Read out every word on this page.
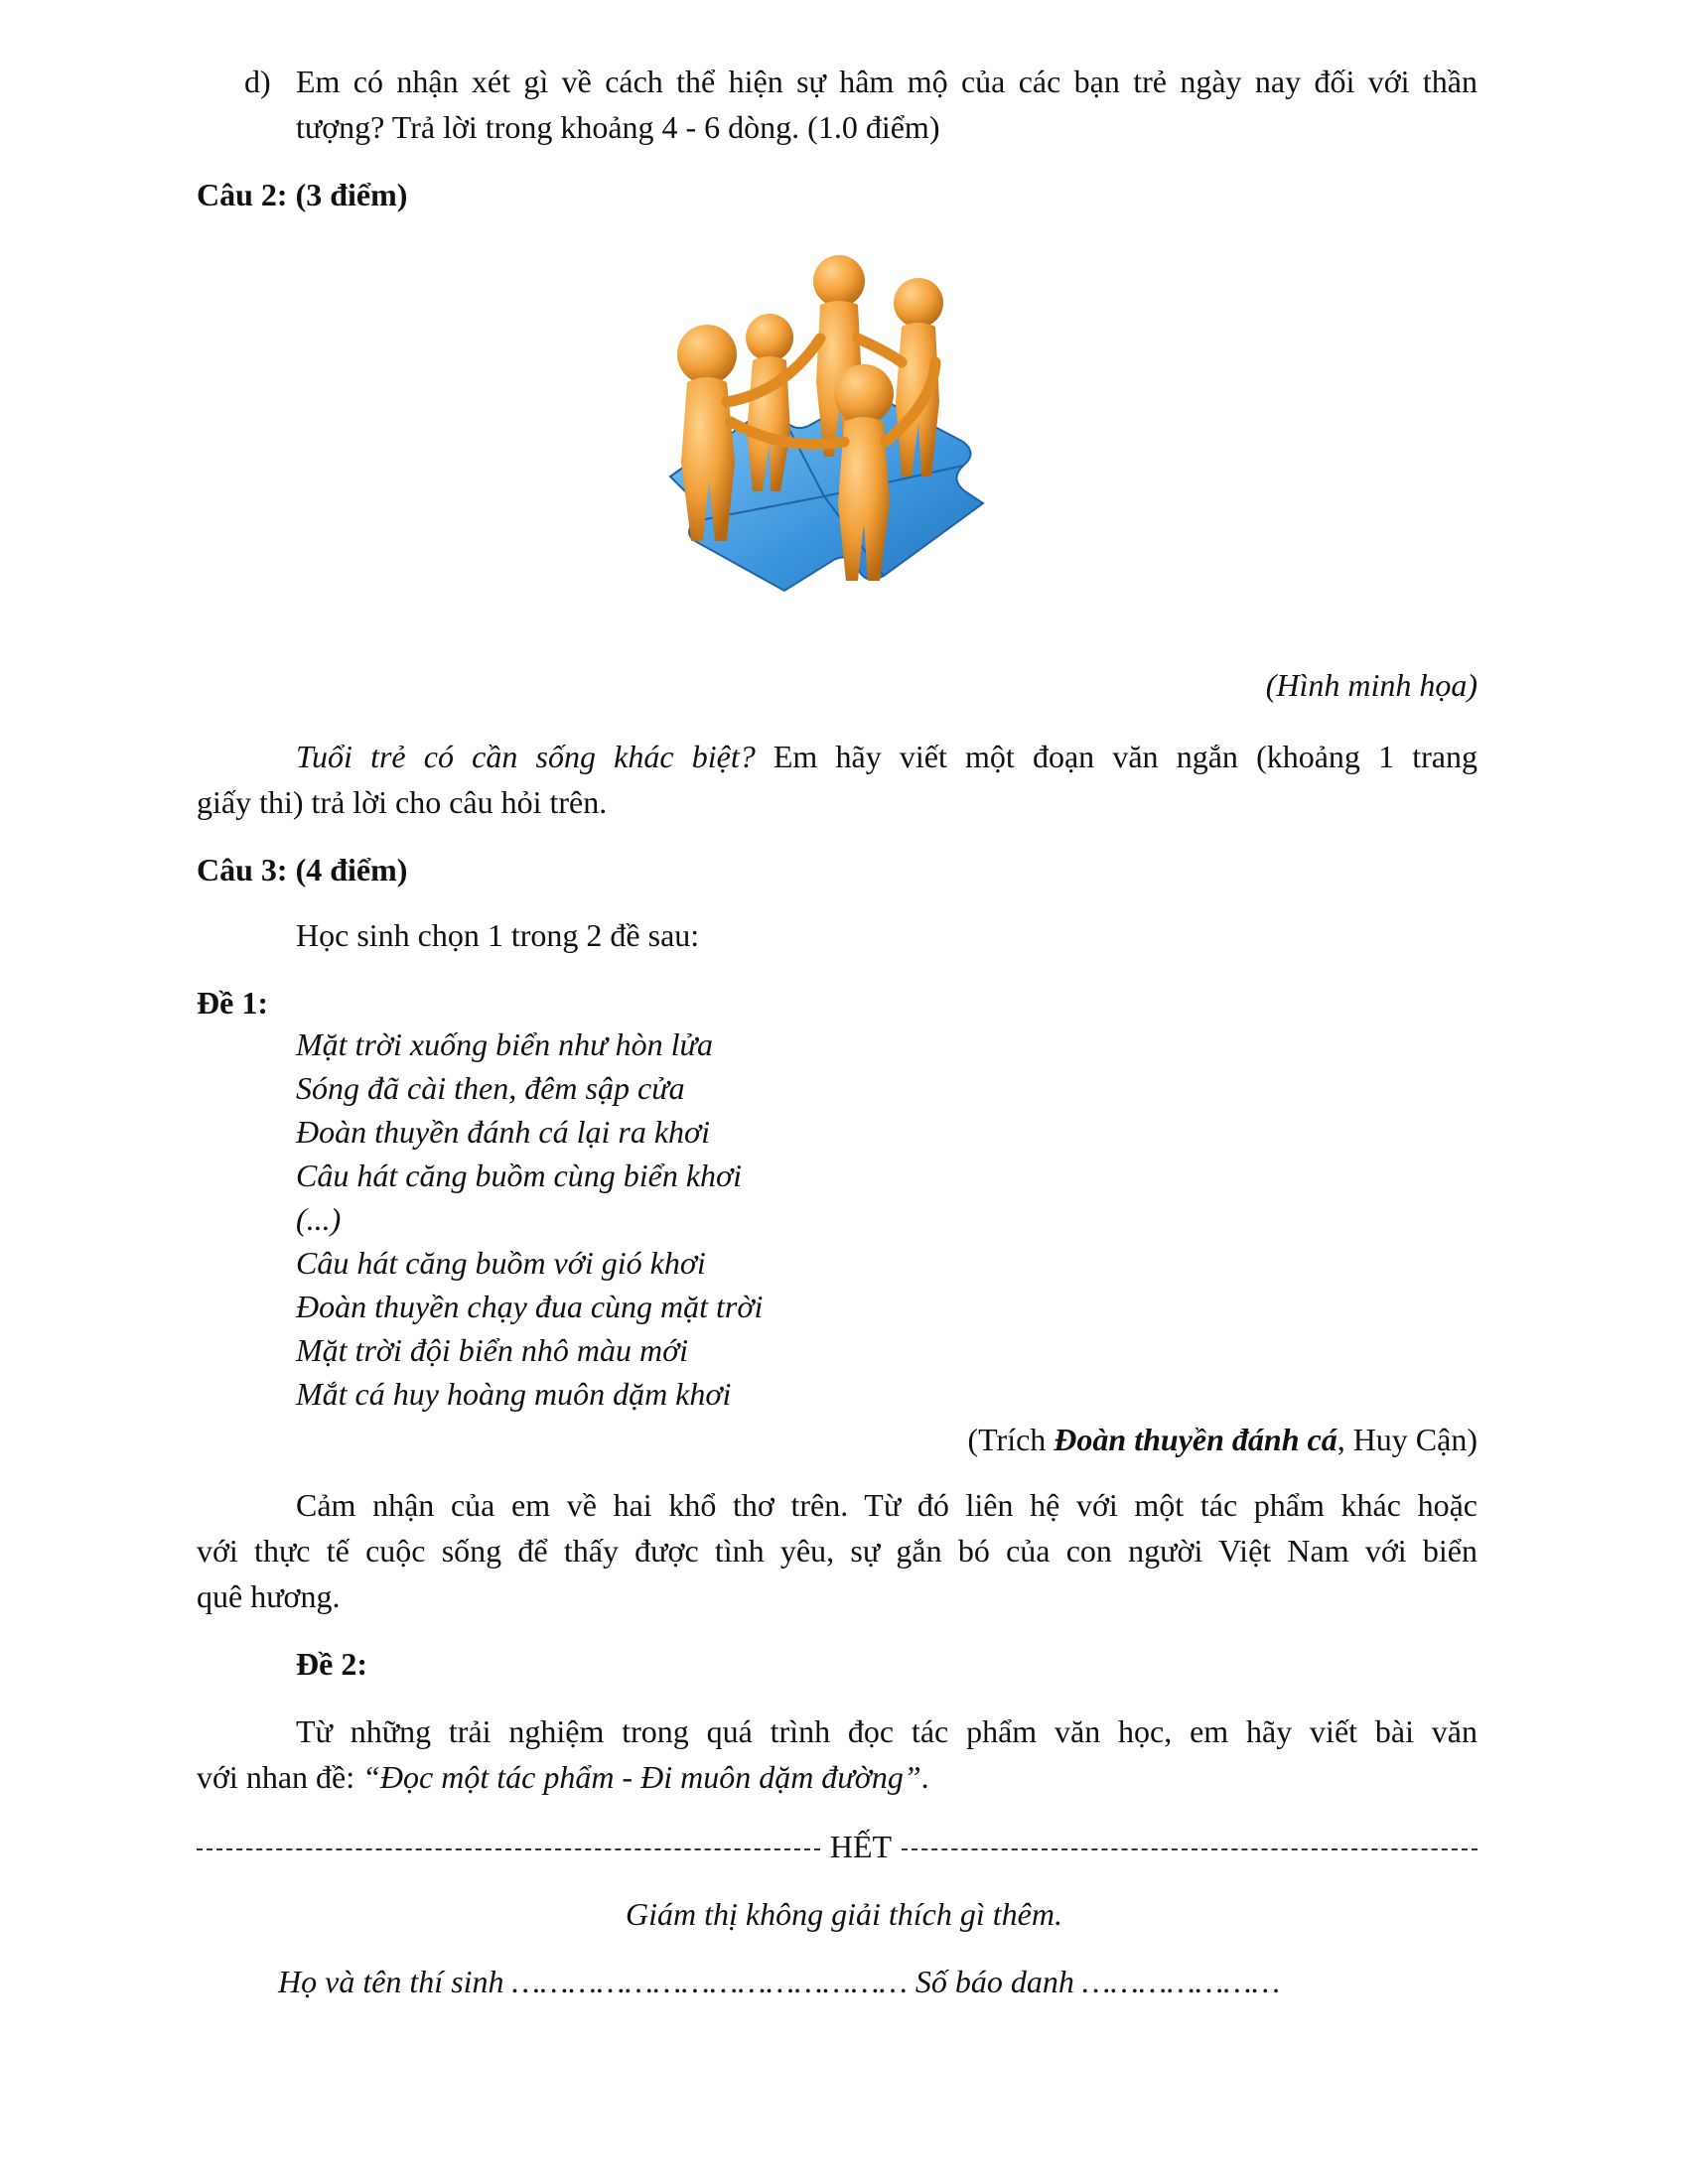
d) Em có nhận xét gì về cách thể hiện sự hâm mộ của các bạn trẻ ngày nay đối với thần
tượng? Trả lời trong khoảng 4 - 6 dòng. (1.0 điểm)
Câu 2: (3 điểm)
(Hình minh họa)
Tuổi trẻ có cần sống khác biệt? Em hãy viết một đoạn văn ngắn (khoảng 1 trang
giấy thi) trả lời cho câu hỏi trên.
Câu 3: (4 điểm)
Học sinh chọn 1 trong 2 đề sau:
Đề 1:
Mặt trời xuống biển như hòn lửa
Sóng đã cài then, đêm sập cửa
Đoàn thuyền đánh cá lại ra khơi
Câu hát căng buồm cùng biển khơi
(...)
Câu hát căng buồm với gió khơi
Đoàn thuyền chạy đua cùng mặt trời
Mặt trời đội biển nhô màu mới
Mắt cá huy hoàng muôn dặm khơi
(Trích Đoàn thuyền đánh cá, Huy Cận)
Cảm nhận của em về hai khổ thơ trên. Từ đó liên hệ với một tác phẩm khác hoặc
với thực tế cuộc sống để thấy được tình yêu, sự gắn bó của con người Việt Nam với biển
quê hương.
Đề 2:
Từ những trải nghiệm trong quá trình đọc tác phẩm văn học, em hãy viết bài văn
với nhan đề: “Đọc một tác phẩm - Đi muôn dặm đường”.
HẾT
Giám thị không giải thích gì thêm.
Họ và tên thí sinh …………………………………… Số báo danh …………………
